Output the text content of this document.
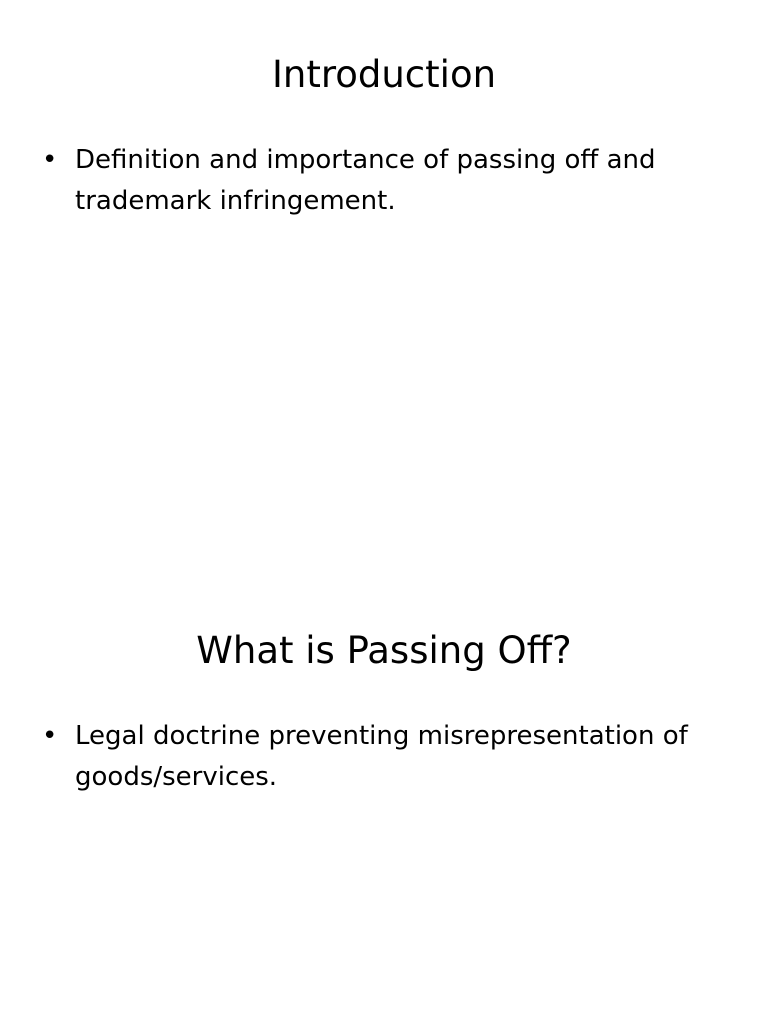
Introduction
• Definition and importance of passing off and trademark infringement.
What is Passing Off?
• Legal doctrine preventing misrepresentation of goods/services.
